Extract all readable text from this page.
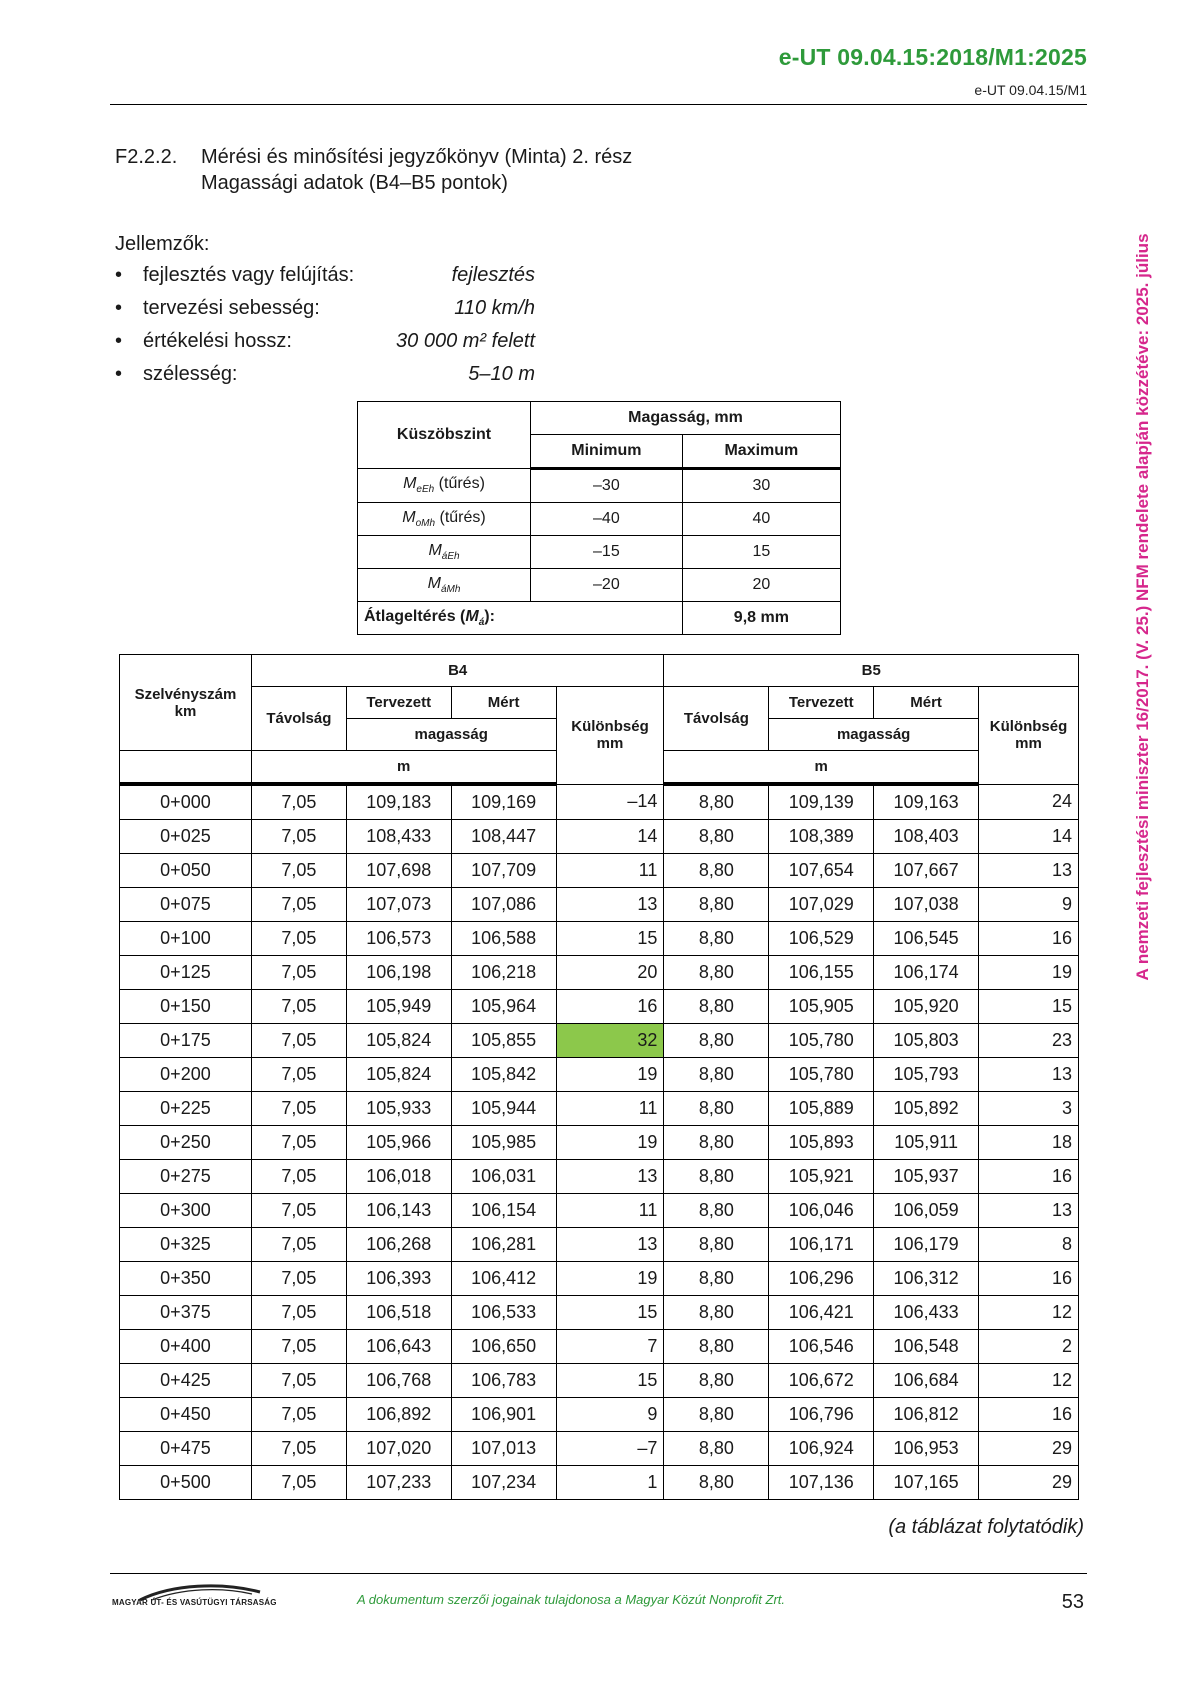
e-UT 09.04.15:2018/M1:2025
e-UT 09.04.15/M1
F2.2.2. Mérési és minősítési jegyzőkönyv (Minta) 2. rész
Magassági adatok (B4–B5 pontok)
Jellemzők:
• fejlesztés vagy felújítás:	fejlesztés
• tervezési sebesség:	110 km/h
• értékelési hossz:	30 000 m² felett
• szélesség:	5–10 m
Küszöbszint	Magasság, mm	
	Minimum	Maximum
$M_{eEh}$ (tűrés)	–30	30
$M_{oMh}$ (tűrés)	–40	40
$M_{áEh}$	–15	15
$M_{áMh}$	–20	20
Átlageltérés $(M_á)$:		9,8 mm
Szelvényszám km	B4				B5			
	Távolság	Tervezett	Mért	Különbség mm	Távolság	Tervezett	Mért	Különbség mm
		magasság				magasság		
	m				m			
0+000	7,05	109,183	109,169	–14	8,80	109,139	109,163	24
0+025	7,05	108,433	108,447	14	8,80	108,389	108,403	14
0+050	7,05	107,698	107,709	11	8,80	107,654	107,667	13
0+075	7,05	107,073	107,086	13	8,80	107,029	107,038	9
0+100	7,05	106,573	106,588	15	8,80	106,529	106,545	16
0+125	7,05	106,198	106,218	20	8,80	106,155	106,174	19
0+150	7,05	105,949	105,964	16	8,80	105,905	105,920	15
0+175	7,05	105,824	105,855	32	8,80	105,780	105,803	23
0+200	7,05	105,824	105,842	19	8,80	105,780	105,793	13
0+225	7,05	105,933	105,944	11	8,80	105,889	105,892	3
0+250	7,05	105,966	105,985	19	8,80	105,893	105,911	18
0+275	7,05	106,018	106,031	13	8,80	105,921	105,937	16
0+300	7,05	106,143	106,154	11	8,80	106,046	106,059	13
0+325	7,05	106,268	106,281	13	8,80	106,171	106,179	8
0+350	7,05	106,393	106,412	19	8,80	106,296	106,312	16
0+375	7,05	106,518	106,533	15	8,80	106,421	106,433	12
0+400	7,05	106,643	106,650	7	8,80	106,546	106,548	2
0+425	7,05	106,768	106,783	15	8,80	106,672	106,684	12
0+450	7,05	106,892	106,901	9	8,80	106,796	106,812	16
0+475	7,05	107,020	107,013	–7	8,80	106,924	106,953	29
0+500	7,05	107,233	107,234	1	8,80	107,136	107,165	29
(a táblázat folytatódik)
A nemzeti fejlesztési miniszter 16/2017. (V. 25.) NFM rendelete alapján közzétéve: 2025. július
MAGYAR ÚT- ÉS VASÚTÜGYI TÁRSASÁG	A dokumentum szerzői jogainak tulajdonosa a Magyar Közút Nonprofit Zrt.	53
